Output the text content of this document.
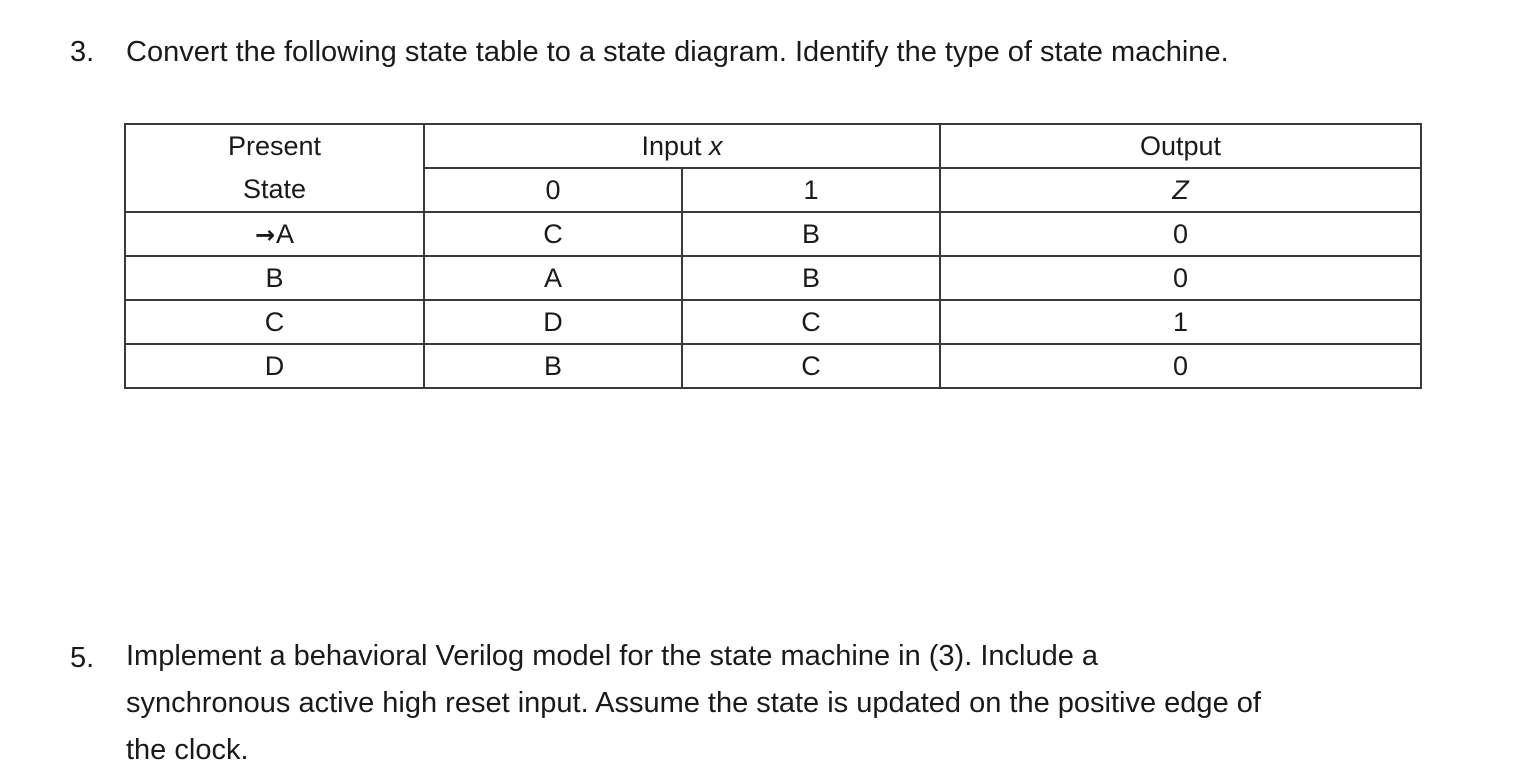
3. Convert the following state table to a state diagram. Identify the type of state machine.
Present	Input x		Output
State	0	1	Z
→A	C	B	0
B	A	B	0
C	D	C	1
D	B	C	0
5. Implement a behavioral Verilog model for the state machine in (3). Include a
synchronous active high reset input. Assume the state is updated on the positive edge of
the clock.
